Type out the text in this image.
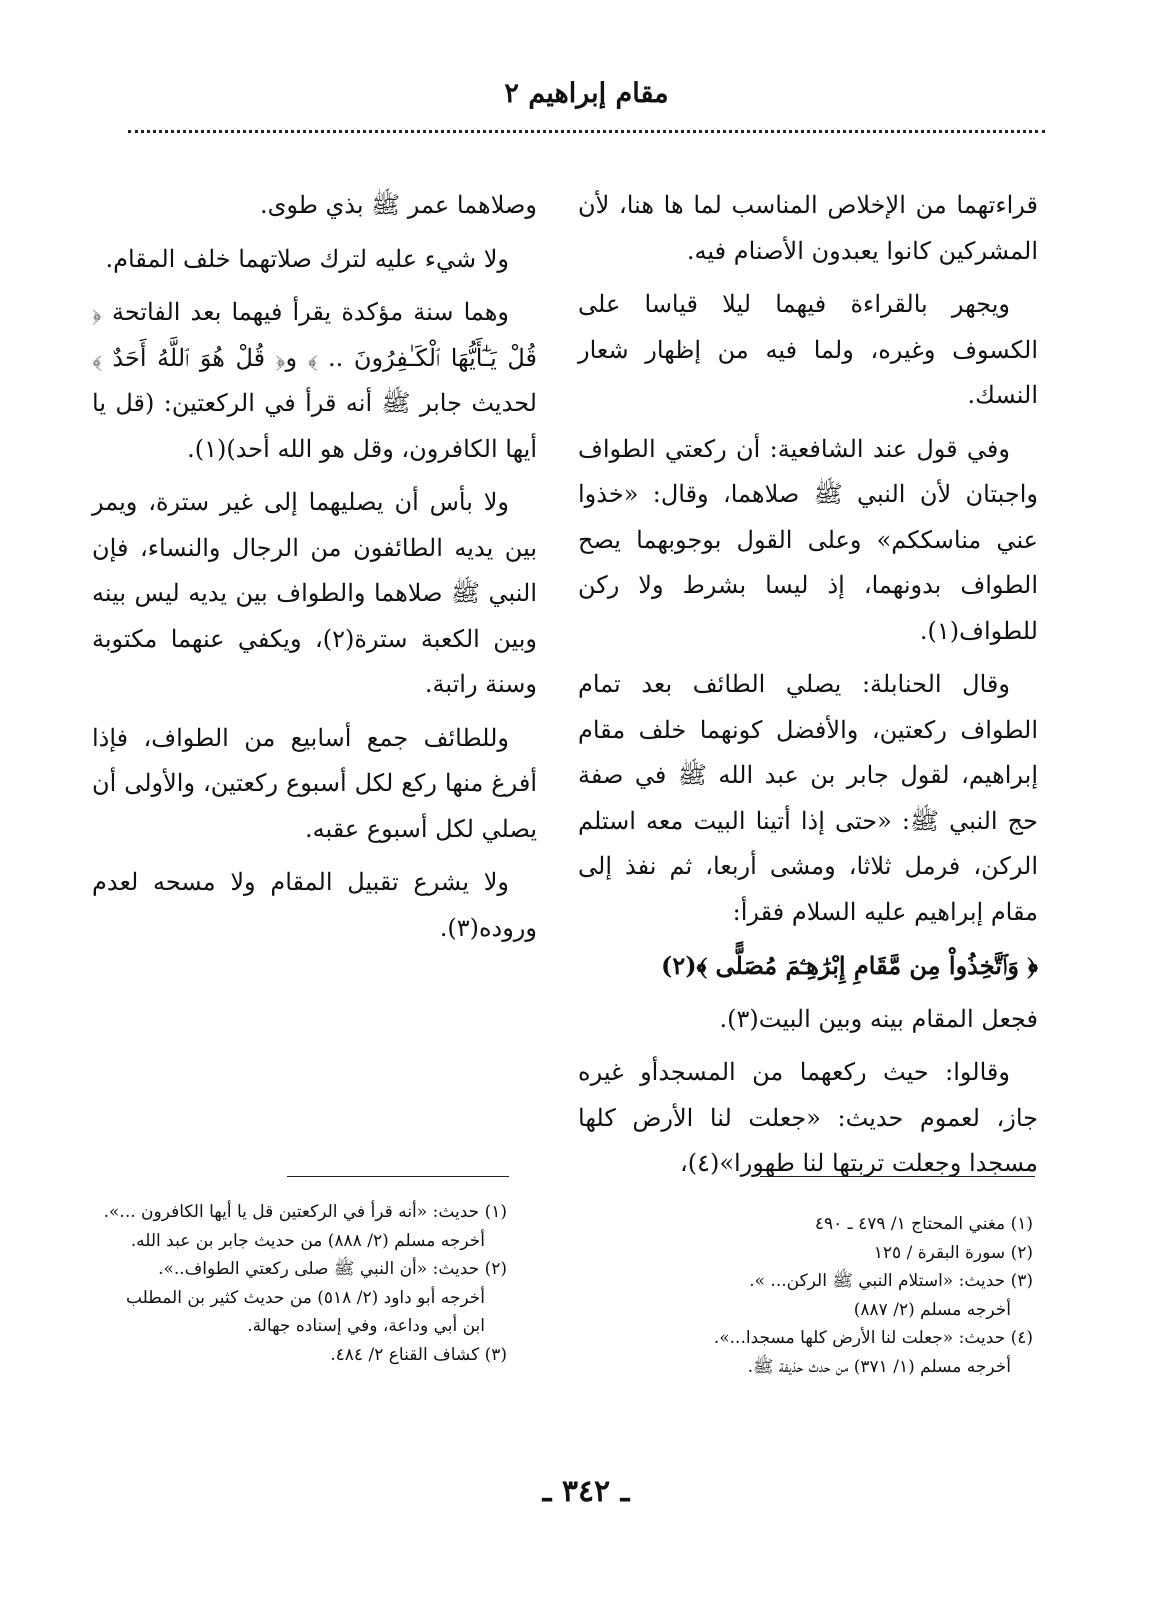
مقام إبراهيم ٢

قراءتهما من الإخلاص المناسب لما ها هنا، لأن المشركين كانوا يعبدون الأصنام فيه.

ويجهر بالقراءة فيهما ليلا قياسا على الكسوف وغيره، ولما فيه من إظهار شعار النسك.

وفي قول عند الشافعية: أن ركعتي الطواف واجبتان لأن النبي ﷺ صلاهما، وقال: «خذوا عني مناسككم» وعلى القول بوجوبهما يصح الطواف بدونهما، إذ ليسا بشرط ولا ركن للطواف(١).

وقال الحنابلة: يصلي الطائف بعد تمام الطواف ركعتين، والأفضل كونهما خلف مقام إبراهيم، لقول جابر بن عبد الله ﷺ في صفة حج النبي ﷺ: «حتى إذا أتينا البيت معه استلم الركن، فرمل ثلاثا، ومشى أربعا، ثم نفذ إلى مقام إبراهيم عليه السلام فقرأ:

﴿ وَٱتَّخِذُواْ مِن مَّقَامِ إِبْرَٰهِـۧمَ مُصَلًّى ﴾(٢)

فجعل المقام بينه وبين البيت(٣).

وقالوا: حيث ركعهما من المسجدأو غيره جاز، لعموم حديث: «جعلت لنا الأرض كلها مسجدا وجعلت تربتها لنا طهورا»(٤)،

وصلاهما عمر ﷺ بذي طوى.

ولا شيء عليه لترك صلاتهما خلف المقام.

وهما سنة مؤكدة يقرأ فيهما بعد الفاتحة ﴿ قُلْ يَـٰٓأَيُّهَا ٱلْكَـٰفِرُونَ .. ﴾ و﴿ قُلْ هُوَ ٱللَّهُ أَحَدٌ ﴾لحديث جابر ﷺ أنه قرأ في الركعتين: (قل يا أيها الكافرون، وقل هو الله أحد)(١).

ولا بأس أن يصليهما إلى غير سترة، ويمر بين يديه الطائفون من الرجال والنساء، فإن النبي ﷺ صلاهما والطواف بين يديه ليس بينه وبين الكعبة سترة(٢)، ويكفي عنهما مكتوبة وسنة راتبة.

وللطائف جمع أسابيع من الطواف، فإذا أفرغ منها ركع لكل أسبوع ركعتين، والأولى أن يصلي لكل أسبوع عقبه.

ولا يشرع تقبيل المقام ولا مسحه لعدم وروده(٣).

(١) مغني المحتاج ١/ ٤٧٩ ـ ٤٩٠
(٢) سورة البقرة / ١٢٥
(٣) حديث: «استلام النبي ﷺ الركن... ».
أخرجه مسلم (٢/ ٨٨٧)
(٤) حديث: «جعلت لنا الأرض كلها مسجدا...».
أخرجه مسلم (١/ ٣٧١) من حدث حذيفة ﷺ.
(١) حديث: «أنه قرأ في الركعتين قل يا أيها الكافرون ...».
أخرجه مسلم (٢/ ٨٨٨) من حديث جابر بن عبد الله.
(٢) حديث: «أن النبي ﷺ صلى ركعتي الطواف..».
أخرجه أبو داود (٢/ ٥١٨) من حديث كثير بن المطلب
ابن أبي وداعة، وفي إسناده جهالة.
(٣) كشاف القناع ٢/ ٤٨٤.
ـ ٣٤٢ ـ
